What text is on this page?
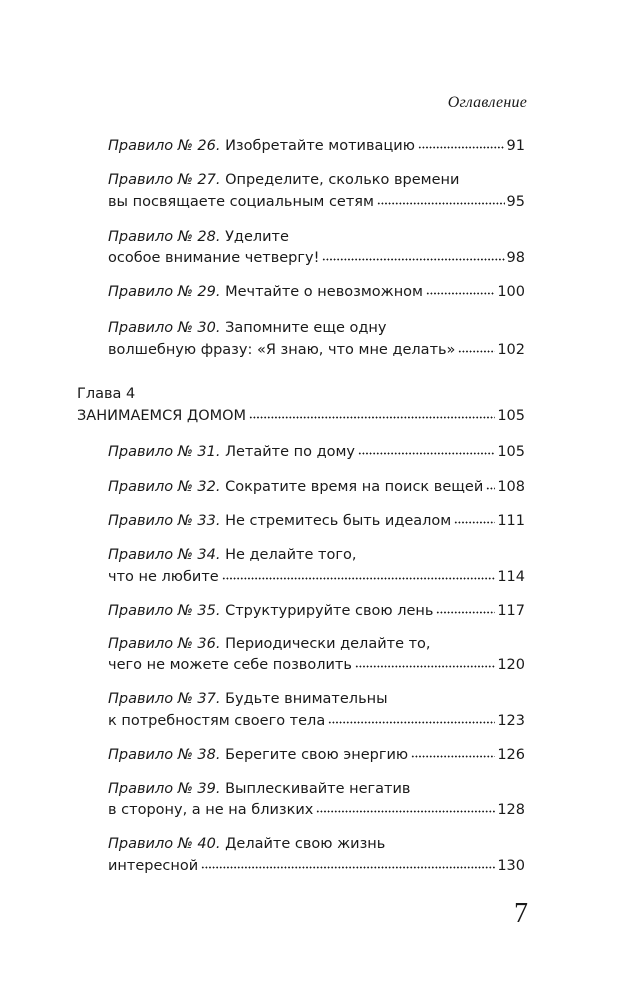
Оглавление
Правило № 26.
Изобретайте мотивацию	91
Правило № 27. Определите, сколько времени
вы посвящаете социальным сетям	95
Правило № 28. Уделите
особое внимание четвергу!	98
Правило № 29.
Мечтайте о невозможном	100
Правило № 30. Запомните еще одну
волшебную фразу: «Я знаю, что мне делать»	102
Глава 4
ЗАНИМАЕМСЯ ДОМОМ	105
Правило № 31.
Летайте по дому	105
Правило № 32.
Сократите время на поиск вещей 108
Правило № 33.
Не стремитесь быть идеалом	111
Правило № 34. Не делайте того,
что не любите	114
Правило № 35.
Структурируйте свою лень	117
Правило № 36. Периодически делайте то,
чего не можете себе позволить	120
Правило № 37. Будьте внимательны
к потребностям своего тела	123
Правило № 38.
Берегите свою энергию	126
Правило № 39. Выплескивайте негатив
в сторону, а не на близких	128
Правило № 40. Делайте свою жизнь
интересной	130
7
